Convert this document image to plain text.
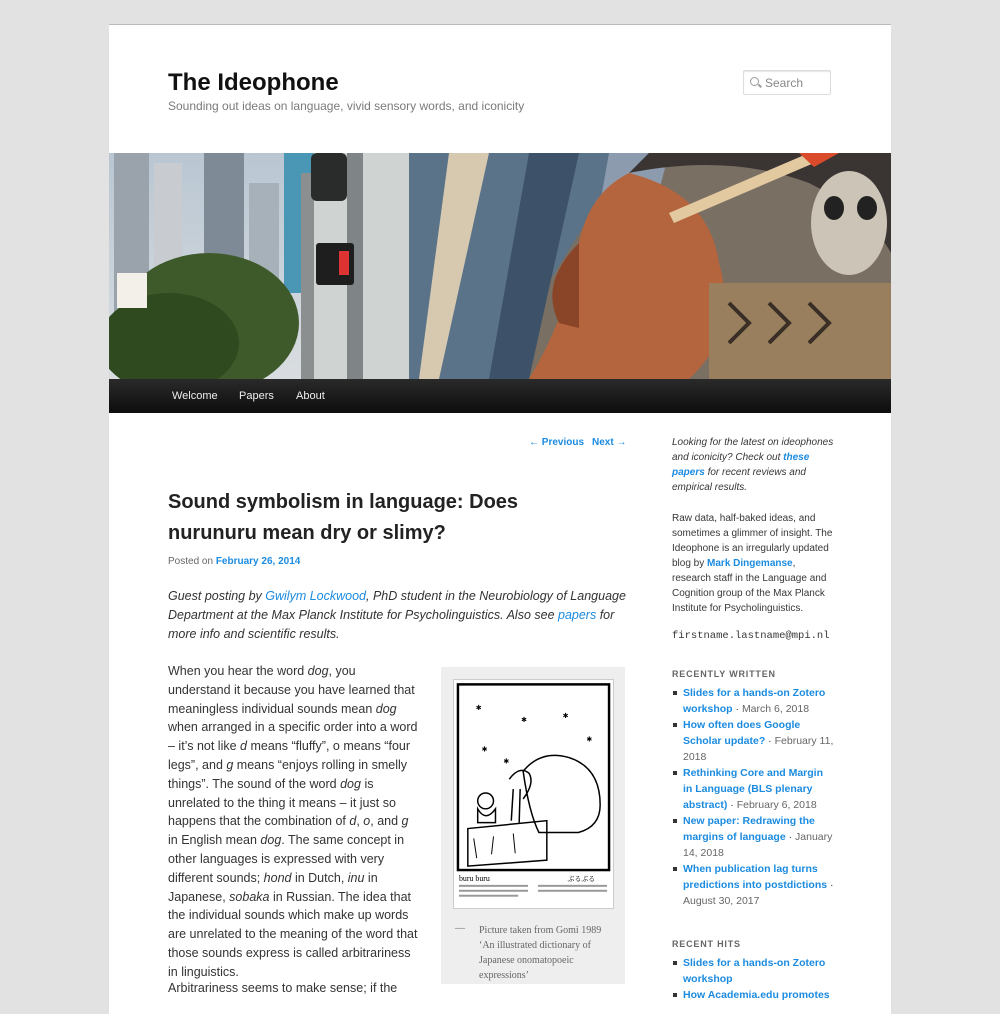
The Ideophone
Sounding out ideas on language, vivid sensory words, and iconicity
Search
Welcome Papers About
← Previous Next →
Sound symbolism in language: Does nurunuru mean dry or slimy?
Posted on February 26, 2014

Guest posting by Gwilym Lockwood, PhD student in the Neurobiology of Language Department at the Max Planck Institute for Psycholinguistics. Also see papers for more info and scientific results.

When you hear the word dog, you understand it because you have learned that meaningless individual sounds mean dog when arranged in a specific order into a word – it’s not like d means “fluffy”, o means “four legs”, and g means “enjoys rolling in smelly things”. The sound of the word dog is unrelated to the thing it means – it just so happens that the combination of d, o, and g in English mean dog. The same concept in other languages is expressed with very different sounds; hond in Dutch, inu in Japanese, sobaka in Russian. The idea that the individual sounds which make up words are unrelated to the meaning of the word that those sounds express is called arbitrariness in linguistics.

Arbitrariness seems to make sense; if the

✱
✱
✱
✱
✱
✱
buru buru	ぶるぶる
— Picture taken from Gomi 1989 ‘An illustrated dictionary of Japanese onomatopoeic expressions’

Looking for the latest on ideophones and iconicity? Check out these papers for recent reviews and empirical results.

Raw data, half-baked ideas, and sometimes a glimmer of insight. The Ideophone is an irregularly updated blog by Mark Dingemanse, research staff in the Language and Cognition group of the Max Planck Institute for Psycholinguistics.

firstname.lastname@mpi.nl

RECENTLY WRITTEN
Slides for a hands-on Zotero workshop · March 6, 2018
How often does Google Scholar update? · February 11, 2018
Rethinking Core and Margin in Language (BLS plenary abstract) · February 6, 2018
New paper: Redrawing the margins of language · January 14, 2018
When publication lag turns predictions into postdictions · August 30, 2017
RECENT HITS
Slides for a hands-on Zotero workshop
How Academia.edu promotes
